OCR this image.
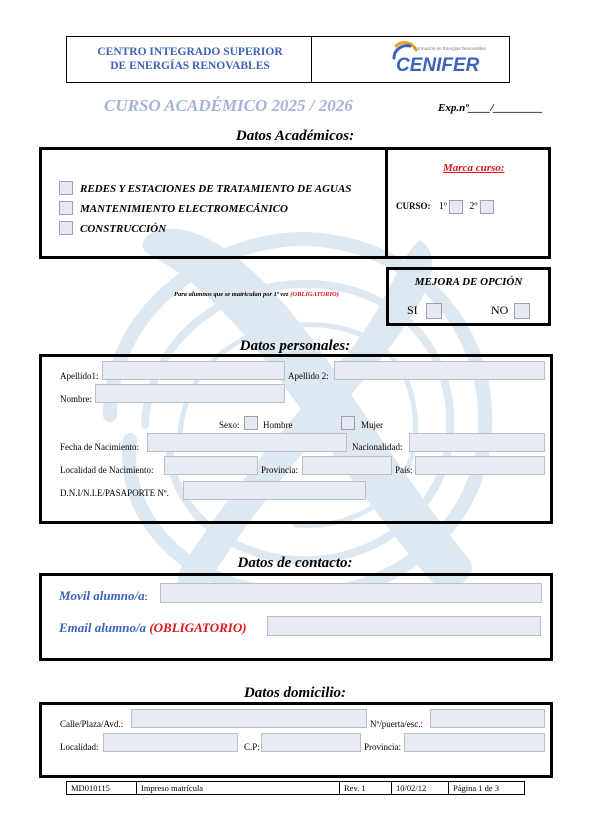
CENTRO INTEGRADO SUPERIOR
DE ENERGÍAS RENOVABLES
Formación en Energías Renovables
CENIFER
CURSO ACADÉMICO 2025 / 2026	Exp.nº____/_________
Datos Académicos:
REDES Y ESTACIONES DE TRATAMIENTO DE AGUAS
MANTENIMIENTO ELECTROMECÁNICO
CONSTRUCCIÓN
Marca curso:
CURSO: 1º 2º
Para alumnos que se matriculan por 1ª vez (OBLIGATORIO)
MEJORA DE OPCIÓN
SI	NO
Datos personales:
Apellido1:	Apellido 2:
Nombre:
Sexo:	Hombre	Mujer
Fecha de Nacimiento:	Nacionalidad:
Localidad de Nacimiento:	Provincia:	País:
D.N.I/N.I.E/PASAPORTE Nº.
Datos de contacto:
Movil alumno/a:
Email alumno/a (OBLIGATORIO)
Datos domicilio:
Calle/Plaza/Avd.:	Nº/puerta/esc.:
Localidad:	C.P:	Provincia:
MD010115	Impreso matrícula	Rev. 1	10/02/12	Página 1 de 3
